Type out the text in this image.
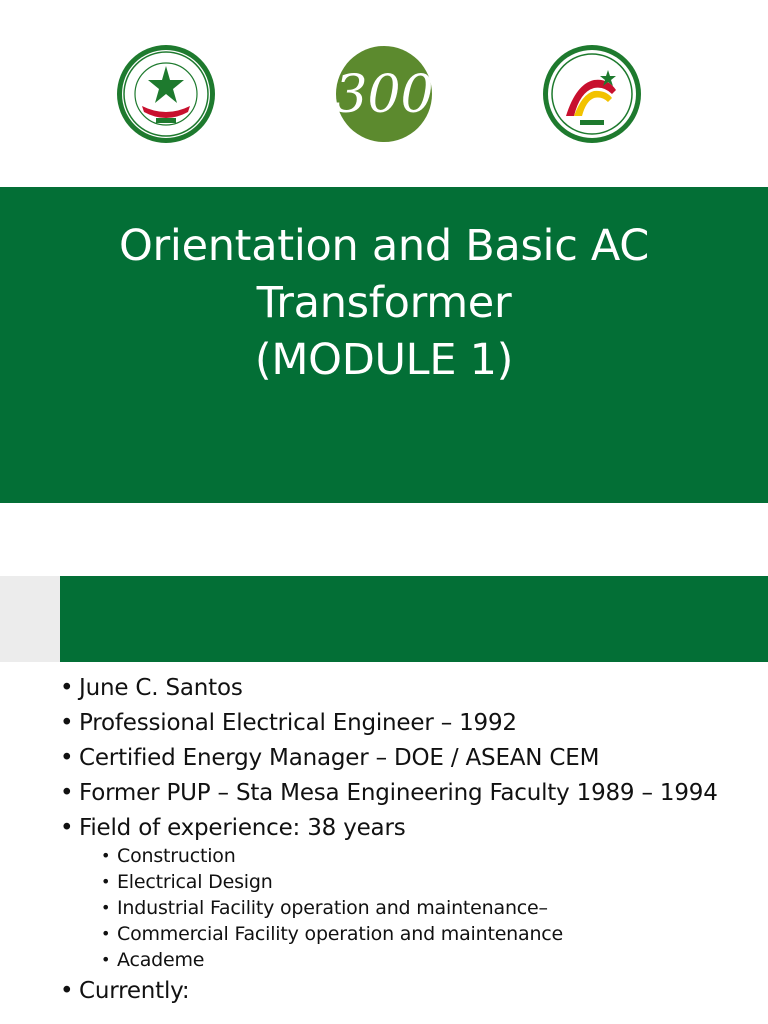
300
Orientation and Basic AC
Transformer
(MODULE 1)
• June C. Santos
• Professional Electrical Engineer – 1992
• Certified Energy Manager – DOE / ASEAN CEM
• Former PUP – Sta Mesa Engineering Faculty 1989 – 1994
• Field of experience: 38 years
• Construction
• Electrical Design
• Industrial Facility operation and maintenance–
• Commercial Facility operation and maintenance
• Academe
• Currently:
